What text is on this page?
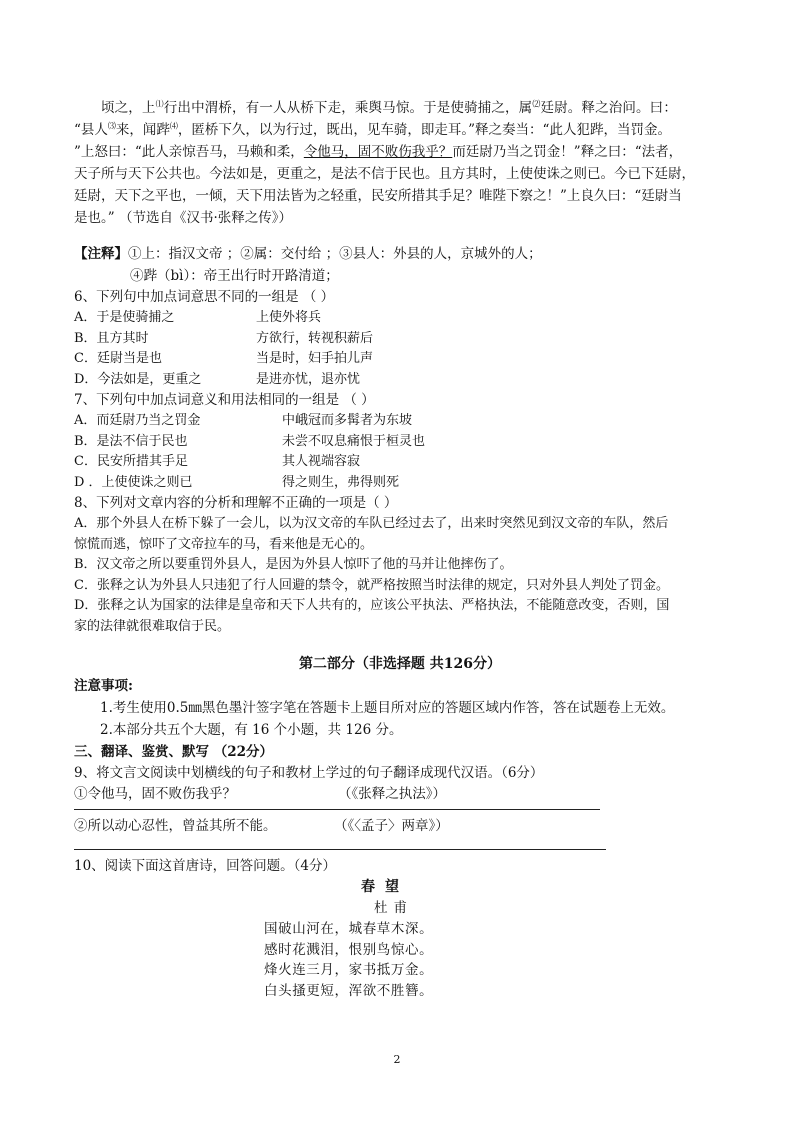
顷之，上⑴行出中渭桥，有一人从桥下走，乘舆马惊。于是使骑捕之，属⑵廷尉。释之治问。曰：

“县人⑶来，闻跸⑷，匿桥下久，以为行过，既出，见车骑，即走耳。”释之奏当：“此人犯跸，当罚金。

”上怒曰：“此人亲惊吾马，马赖和柔，令他马，固不败伤我乎？而廷尉乃当之罚金！”释之曰：“法者，

天子所与天下公共也。今法如是，更重之，是法不信于民也。且方其时，上使使诛之则已。今已下廷尉，

廷尉，天下之平也，一倾，天下用法皆为之轻重，民安所措其手足？唯陛下察之！”上良久曰：“廷尉当

是也。” （节选自《汉书·张释之传》）

【注释】①上：指汉文帝 ；②属：交付给 ；③县人：外县的人，京城外的人；

④跸（bì）：帝王出行时开路清道；

6、下列句中加点词意思不同的一组是 （ ）

A．于是使骑捕之	上使外将兵
B．且方其时	方欲行，转视积薪后
C．廷尉当是也	当是时，妇手拍儿声
D．今法如是，更重之	是进亦忧，退亦忧

7、下列句中加点词意义和用法相同的一组是 （ ）

A．而廷尉乃当之罚金	中峨冠而多髯者为东坡
B．是法不信于民也	未尝不叹息痛恨于桓灵也
C．民安所措其手足	其人视端容寂
D ．上使使诛之则已	得之则生，弗得则死

8、下列对文章内容的分析和理解不正确的一项是（ ）

A．那个外县人在桥下躲了一会儿，以为汉文帝的车队已经过去了，出来时突然见到汉文帝的车队，然后

惊慌而逃，惊吓了文帝拉车的马，看来他是无心的。

B．汉文帝之所以要重罚外县人，是因为外县人惊吓了他的马并让他摔伤了。

C．张释之认为外县人只违犯了行人回避的禁令，就严格按照当时法律的规定，只对外县人判处了罚金。

D．张释之认为国家的法律是皇帝和天下人共有的，应该公平执法、严格执法，不能随意改变，否则，国

家的法律就很难取信于民。

第二部分（非选择题 共126分）

注意事项:

1.考生使用0.5㎜黑色墨汁签字笔在答题卡上题目所对应的答题区域内作答，答在试题卷上无效。

2.本部分共五个大题，有 16 个小题，共 126 分。

三、翻译、鉴赏、默写 （22分）

9、将文言文阅读中划横线的句子和教材上学过的句子翻译成现代汉语。（6分）

①令他马，固不败伤我乎？	（《张释之执法》）

②所以动心忍性，曾益其所不能。	（《〈孟子〉两章》）

10、阅读下面这首唐诗，回答问题。（4分）

春望

杜甫

国破山河在，城春草木深。

感时花溅泪，恨别鸟惊心。

烽火连三月，家书抵万金。

白头搔更短，浑欲不胜簪。

2
